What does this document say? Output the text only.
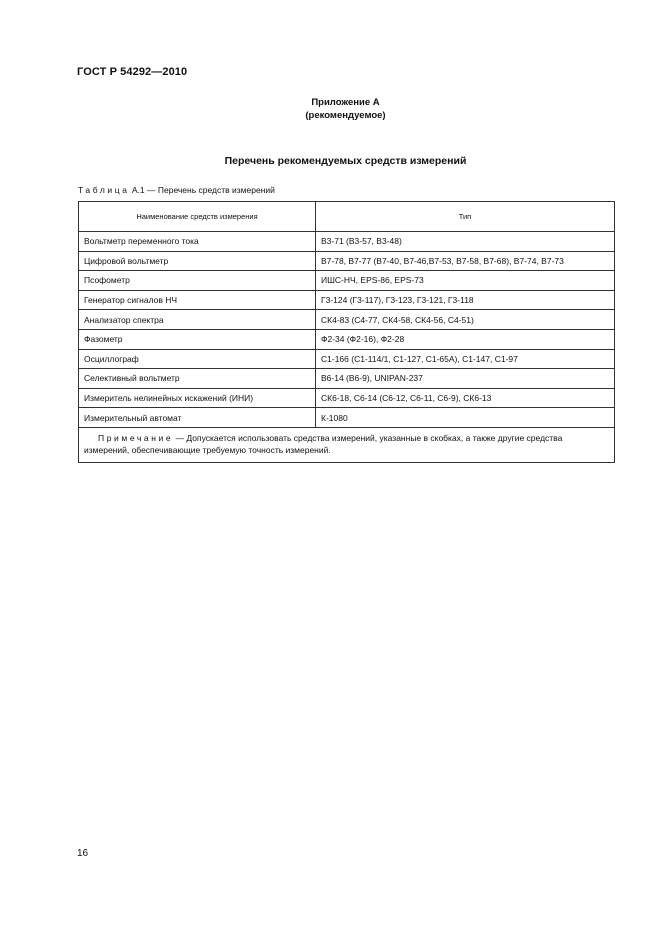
ГОСТ Р 54292—2010
Приложение А
(рекомендуемое)
Перечень рекомендуемых средств измерений
Таблица А.1 — Перечень средств измерений
Наименование средств измерения	Тип
Вольтметр переменного тока	В3-71 (В3-57, В3-48)
Цифровой вольтметр	В7-78, В7-77 (В7-40, В7-46,В7-53, В7-58, В7-68), В7-74, В7-73
Псофометр	ИШС-НЧ, EPS-86, EPS-73
Генератор сигналов НЧ	Г3-124 (Г3-117), Г3-123, Г3-121, Г3-118
Анализатор спектра	СК4-83 (С4-77, СК4-58, СК4-56, С4-51)
Фазометр	Ф2-34 (Ф2-16), Ф2-28
Осциллограф	С1-166 (С1-114/1, С1-127, С1-65А), С1-147, С1-97
Селективный вольтметр	В6-14 (В6-9), UNIPAN-237
Измеритель нелинейных искажений (ИНИ)	СК6-18, С6-14 (С6-12, С6-11, С6-9), СК6-13
Измерительный автомат	К-1080
Примечание — Допускается использовать средства измерений, указанные в скобках, а также другие средства измерений, обеспечивающие требуемую точность измерений.	
16
